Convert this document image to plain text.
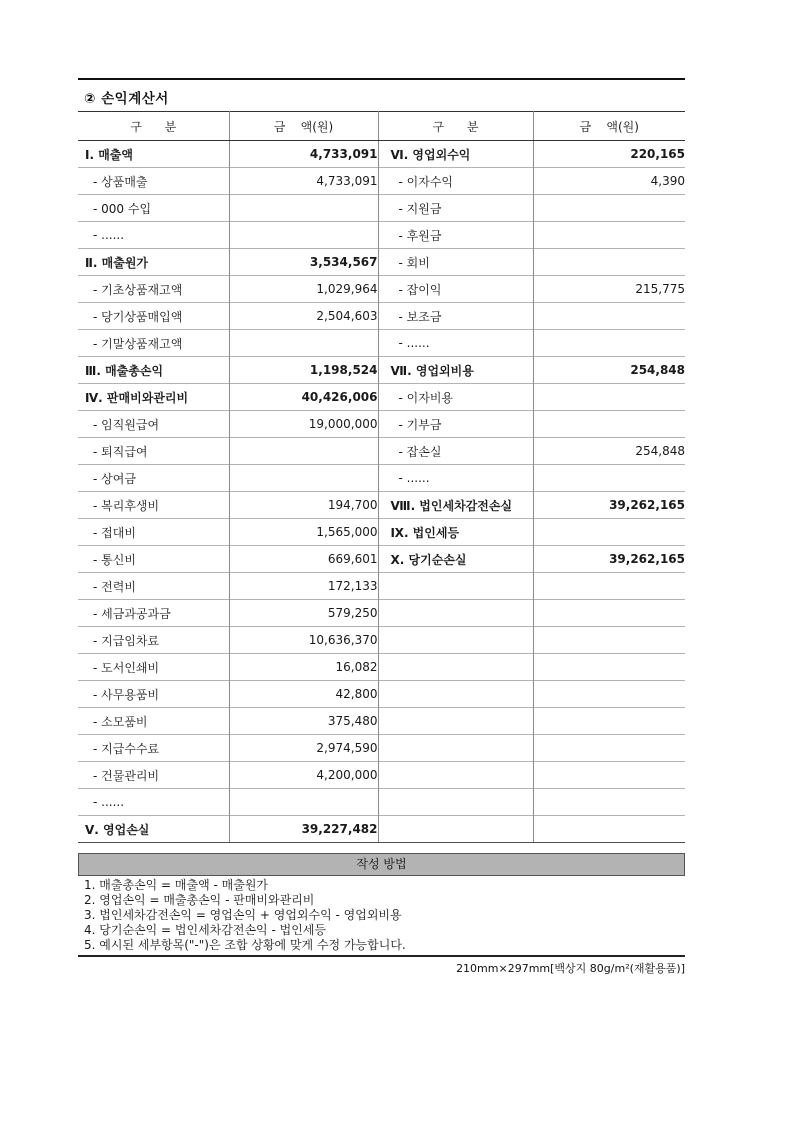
② 손익계산서
구      분	금    액(원)	구      분	금    액(원)
Ⅰ. 매출액	4,733,091	Ⅵ. 영업외수익	220,165
- 상품매출	4,733,091	- 이자수익	4,390
- 000 수입		- 지원금	
- ......		- 후원금	
Ⅱ. 매출원가	3,534,567	- 회비	
- 기초상품재고액	1,029,964	- 잡이익	215,775
- 당기상품매입액	2,504,603	- 보조금	
- 기말상품재고액		- ......	
Ⅲ. 매출총손익	1,198,524	Ⅶ. 영업외비용	254,848
Ⅳ. 판매비와관리비	40,426,006	- 이자비용	
- 임직원급여	19,000,000	- 기부금	
- 퇴직급여		- 잡손실	254,848
- 상여금		- ......	
- 복리후생비	194,700	Ⅷ. 법인세차감전손실	39,262,165
- 접대비	1,565,000	Ⅸ. 법인세등	
- 통신비	669,601	Ⅹ. 당기순손실	39,262,165
- 전력비	172,133		
- 세금과공과금	579,250		
- 지급임차료	10,636,370		
- 도서인쇄비	16,082		
- 사무용품비	42,800		
- 소모품비	375,480		
- 지급수수료	2,974,590		
- 건물관리비	4,200,000		
- ......			
Ⅴ. 영업손실	39,227,482		
작성 방법
1. 매출총손익 = 매출액 - 매출원가
2. 영업손익 = 매출총손익 - 판매비와관리비
3. 법인세차감전손익 = 영업손익 + 영업외수익 - 영업외비용
4. 당기순손익 = 법인세차감전손익 - 법인세등
5. 예시된 세부항목("-")은 조합 상황에 맞게 수정 가능합니다.
210mm×297mm[백상지 80g/m²(재활용품)]
